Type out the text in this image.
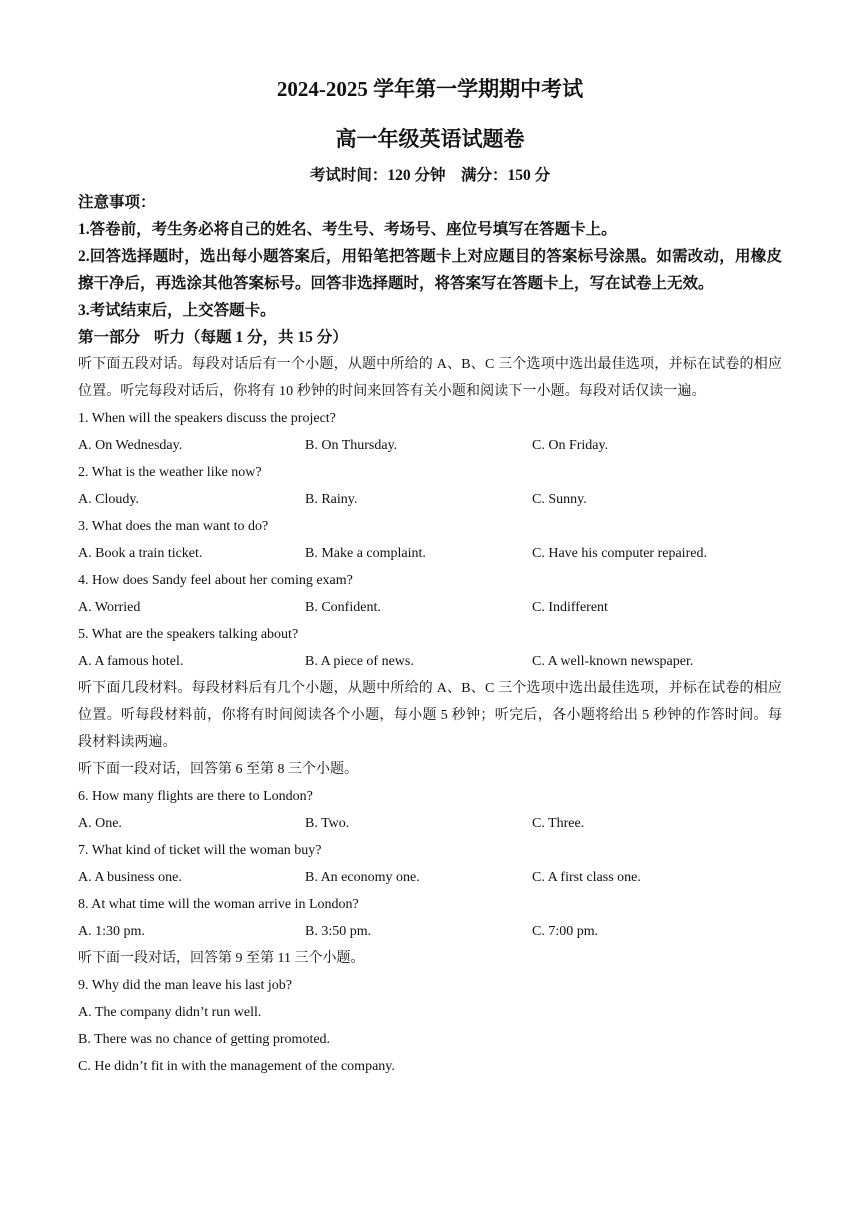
2024-2025 学年第一学期期中考试

高一年级英语试题卷

考试时间：120 分钟    满分：150 分

注意事项：

1.答卷前，考生务必将自己的姓名、考生号、考场号、座位号填写在答题卡上。

2.回答选择题时，选出每小题答案后，用铅笔把答题卡上对应题目的答案标号涂黑。如需改动，用橡皮擦干净后，再选涂其他答案标号。回答非选择题时，将答案写在答题卡上，写在试卷上无效。

3.考试结束后，上交答题卡。

第一部分 听力（每题 1 分，共 15 分）

听下面五段对话。每段对话后有一个小题，从题中所给的 A、B、C 三个选项中选出最佳选项，并标在试卷的相应位置。听完每段对话后，你将有 10 秒钟的时间来回答有关小题和阅读下一小题。每段对话仅读一遍。

1. When will the speakers discuss the project?

A. On Wednesday.	B. On Thursday.	C. On Friday.

2. What is the weather like now?

A. Cloudy.	B. Rainy.	C. Sunny.

3. What does the man want to do?

A. Book a train ticket.	B. Make a complaint.	C. Have his computer repaired.

4. How does Sandy feel about her coming exam?

A. Worried	B. Confident.	C. Indifferent

5. What are the speakers talking about?

A. A famous hotel.	B. A piece of news.	C. A well-known newspaper.

听下面几段材料。每段材料后有几个小题，从题中所给的 A、B、C 三个选项中选出最佳选项，并标在试卷的相应位置。听每段材料前，你将有时间阅读各个小题，每小题 5 秒钟；听完后，各小题将给出 5 秒钟的作答时间。每段材料读两遍。

听下面一段对话，回答第 6 至第 8 三个小题。

6. How many flights are there to London?

A. One.	B. Two.	C. Three.

7. What kind of ticket will the woman buy?

A. A business one.	B. An economy one.	C. A first class one.

8. At what time will the woman arrive in London?

A. 1:30 pm.	B. 3:50 pm.	C. 7:00 pm.

听下面一段对话，回答第 9 至第 11 三个小题。

9. Why did the man leave his last job?

A. The company didn’t run well.

B. There was no chance of getting promoted.

C. He didn’t fit in with the management of the company.
